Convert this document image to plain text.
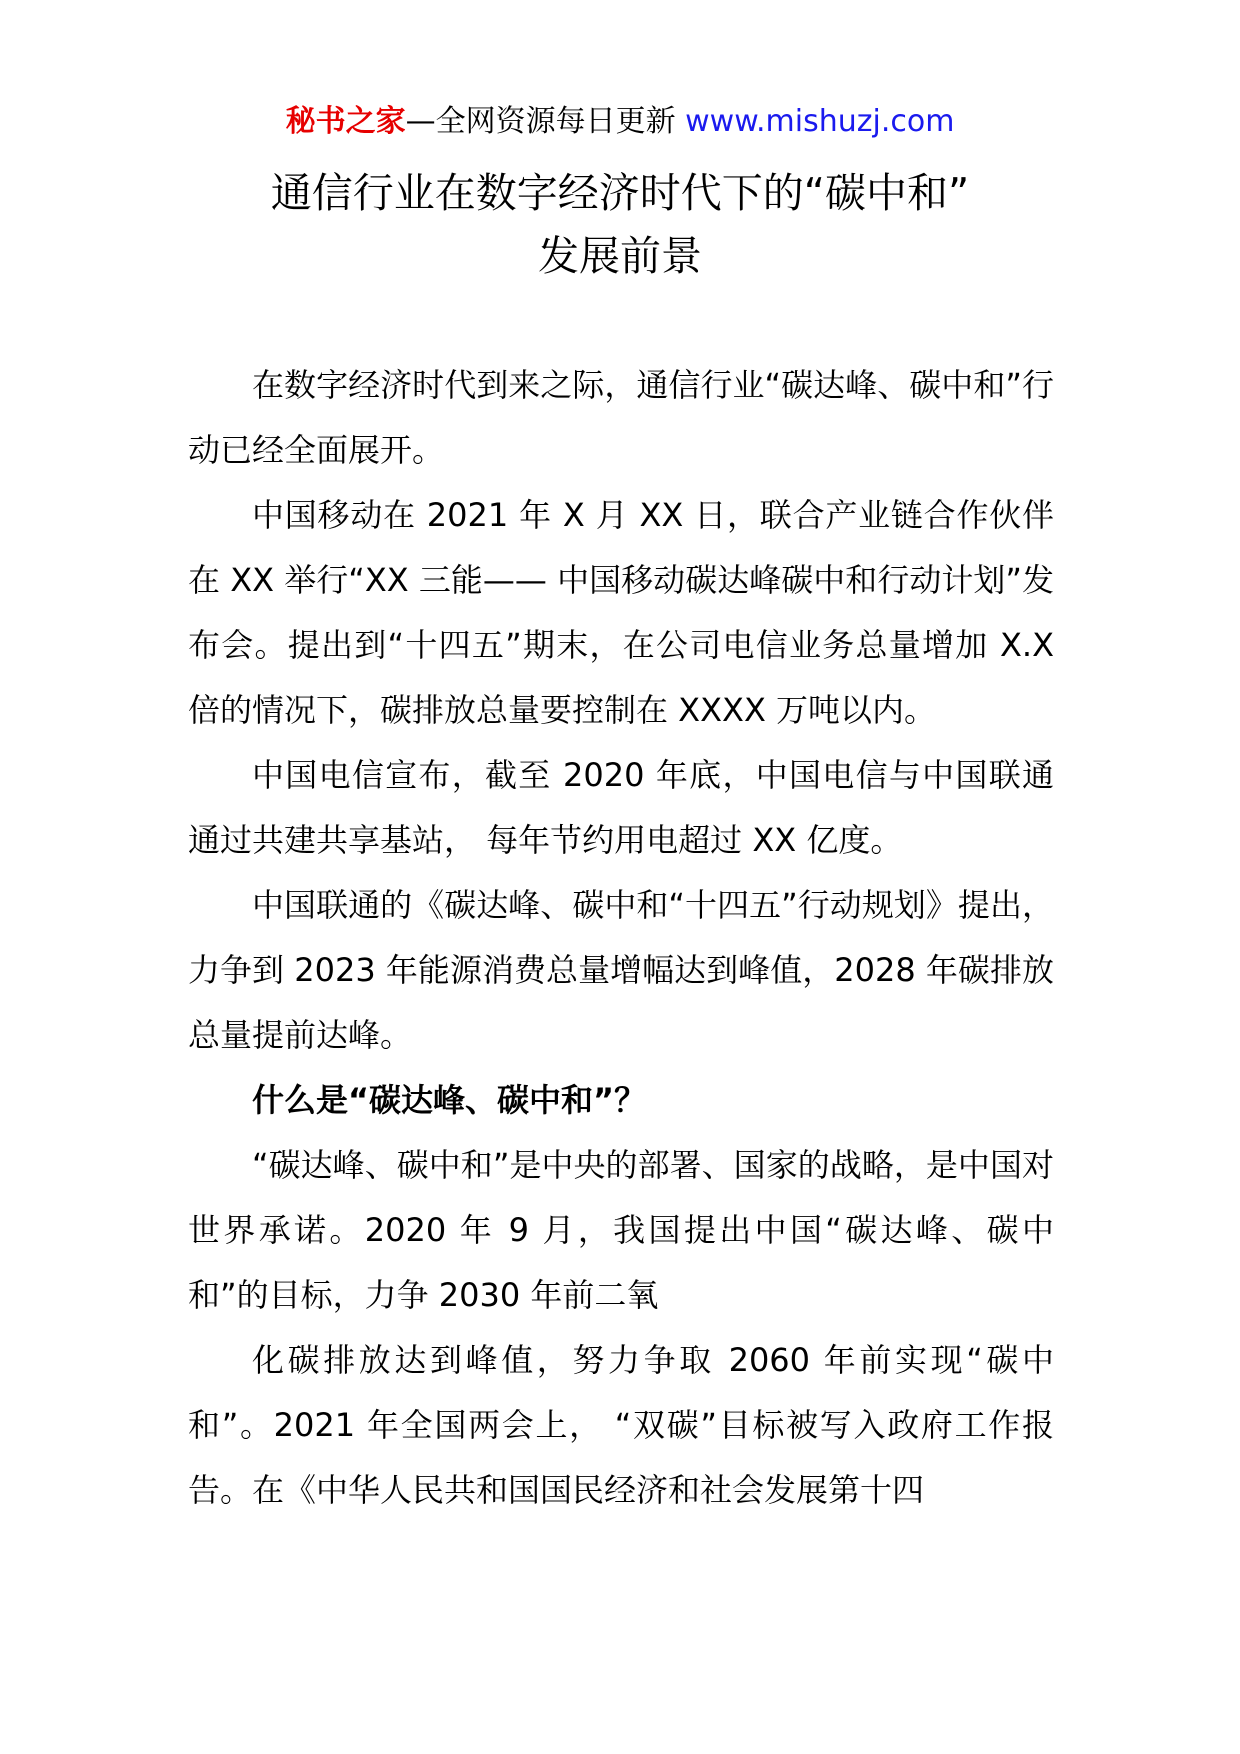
秘书之家—全网资源每日更新 www.mishuzj.com
通信行业在数字经济时代下的“碳中和”
发展前景

在数字经济时代到来之际，通信行业“碳达峰、碳中和”行动已经全面展开。

中国移动在 2021 年 X 月 XX 日，联合产业链合作伙伴在 XX 举行“XX 三能—— 中国移动碳达峰碳中和行动计划”发布会。提出到“十四五”期末，在公司电信业务总量增加 X.X 倍的情况下，碳排放总量要控制在 XXXX 万吨以内。

中国电信宣布，截至 2020 年底，中国电信与中国联通通过共建共享基站， 每年节约用电超过 XX 亿度。

中国联通的《碳达峰、碳中和“十四五”行动规划》提出，力争到 2023 年能源消费总量增幅达到峰值，2028 年碳排放总量提前达峰。

什么是“碳达峰、碳中和”？

“碳达峰、碳中和”是中央的部署、国家的战略，是中国对世界承诺。2020 年 9 月，我国提出中国“碳达峰、碳中和”的目标，力争 2030 年前二氧

化碳排放达到峰值，努力争取 2060 年前实现“碳中和”。2021 年全国两会上， “双碳”目标被写入政府工作报告。在《中华人民共和国国民经济和社会发展第十四
